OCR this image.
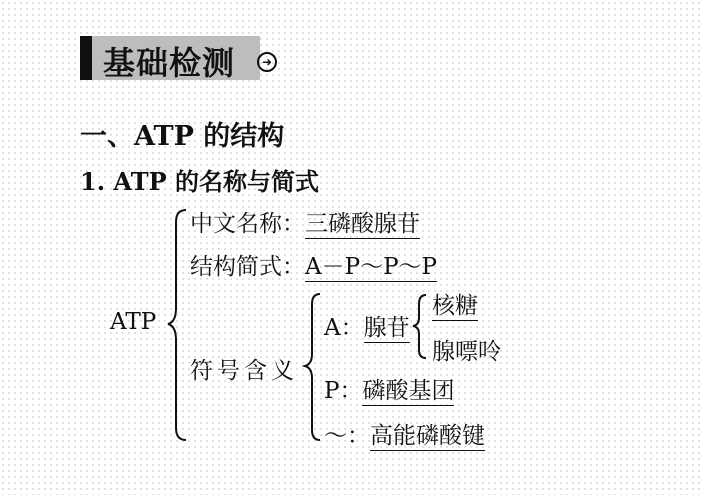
基础检测	➜
一、ATP 的结构
1. ATP 的名称与简式
ATP
中文名称：三磷酸腺苷
结构简式：A－P～P～P
符号含义
A：腺苷
核糖
腺嘌呤
P：磷酸基团
～：高能磷酸键
